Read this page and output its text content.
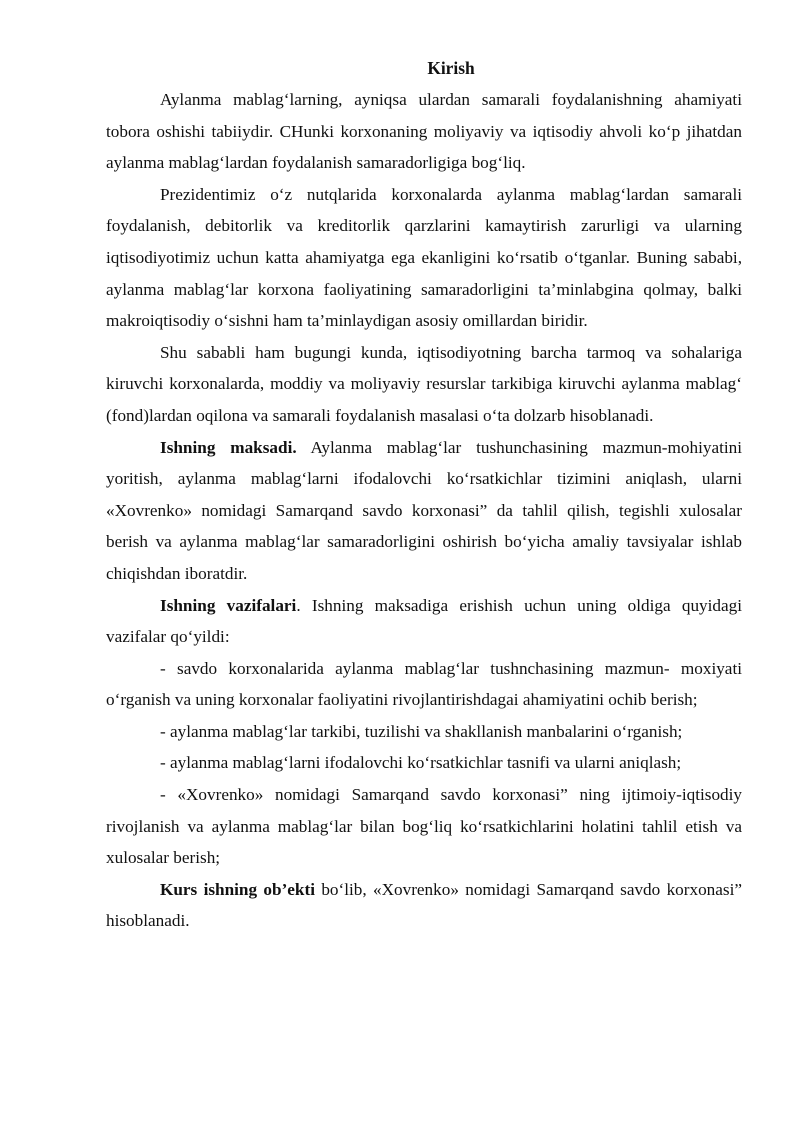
Kirish

Aylanma mablag‘larning, ayniqsa ulardan samarali foydalanishning ahamiyati tobora oshishi tabiiydir. CHunki korxonaning moliyaviy va iqtisodiy ahvoli ko‘p jihatdan aylanma mablag‘lardan foydalanish samaradorligiga bog‘liq.

Prezidentimiz o‘z nutqlarida korxonalarda aylanma mablag‘lardan samarali foydalanish, debitorlik va kreditorlik qarzlarini kamaytirish zarurligi va ularning iqtisodiyotimiz uchun katta ahamiyatga ega ekanligini ko‘rsatib o‘tganlar. Buning sababi, aylanma mablag‘lar korxona faoliyatining samaradorligini ta’minlabgina qolmay, balki makroiqtisodiy o‘sishni ham ta’minlaydigan asosiy omillardan biridir.

Shu sababli ham bugungi kunda, iqtisodiyotning barcha tarmoq va sohalariga kiruvchi korxonalarda, moddiy va moliyaviy resurslar tarkibiga kiruvchi aylanma mablag‘ (fond)lardan oqilona va samarali foydalanish masalasi o‘ta dolzarb hisoblanadi.

Ishning maksadi. Aylanma mablag‘lar tushunchasining mazmun-mohiyatini yoritish, aylanma mablag‘larni ifodalovchi ko‘rsatkichlar tizimini aniqlash, ularni «Xovrenko» nomidagi Samarqand savdo korxonasi” da tahlil qilish, tegishli xulosalar berish va aylanma mablag‘lar samaradorligini oshirish bo‘yicha amaliy tavsiyalar ishlab chiqishdan iboratdir.

Ishning vazifalari. Ishning maksadiga erishish uchun uning oldiga quyidagi vazifalar qo‘yildi:

- savdo korxonalarida aylanma mablag‘lar tushnchasining mazmun- moxiyati o‘rganish va uning korxonalar faoliyatini rivojlantirishdagai ahamiyatini ochib berish;

- aylanma mablag‘lar tarkibi, tuzilishi va shakllanish manbalarini o‘rganish;

- aylanma mablag‘larni ifodalovchi ko‘rsatkichlar tasnifi va ularni aniqlash;

- «Xovrenko» nomidagi Samarqand savdo korxonasi” ning ijtimoiy-iqtisodiy rivojlanish va aylanma mablag‘lar bilan bog‘liq ko‘rsatkichlarini holatini tahlil etish va xulosalar berish;

Kurs ishning ob’ekti bo‘lib, «Xovrenko» nomidagi Samarqand savdo korxonasi” hisoblanadi.
